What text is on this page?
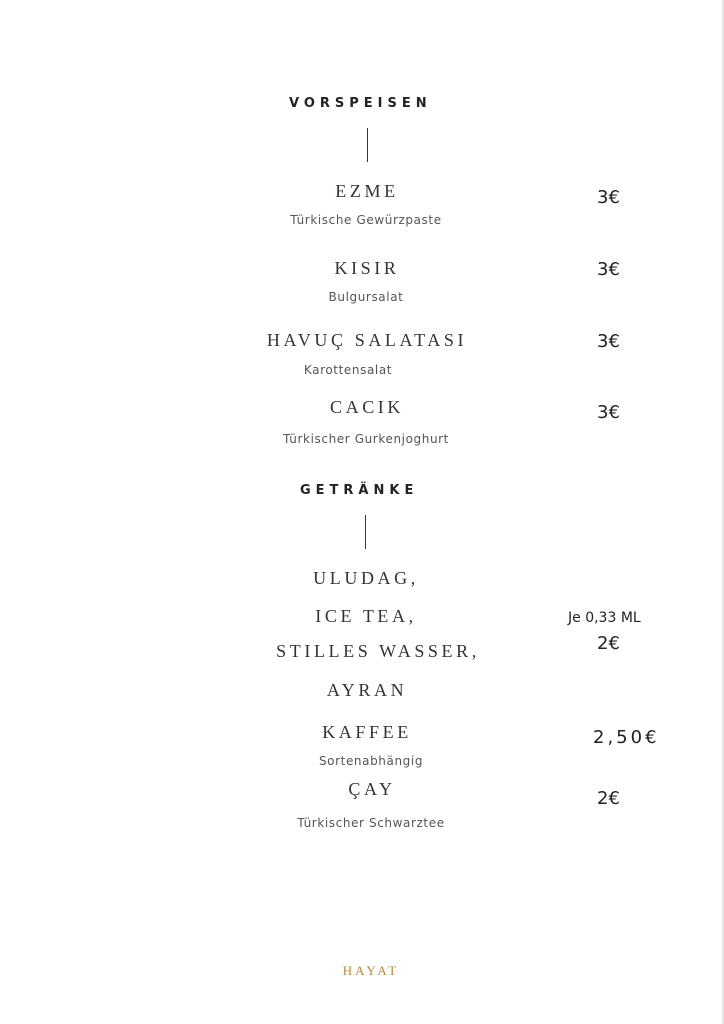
VORSPEISEN
EZME
Türkische Gewürzpaste
3€
KISIR
Bulgursalat
3€
HAVUÇ SALATASI
Karottensalat
3€
CACIK
Türkischer Gurkenjoghurt
3€
GETRÄNKE
ULUDAG,
ICE TEA,
STILLES WASSER,
AYRAN
Je 0,33 ML
2€
KAFFEE
Sortenabhängig
2,50€
ÇAY
Türkischer Schwarztee
2€
HAYAT
